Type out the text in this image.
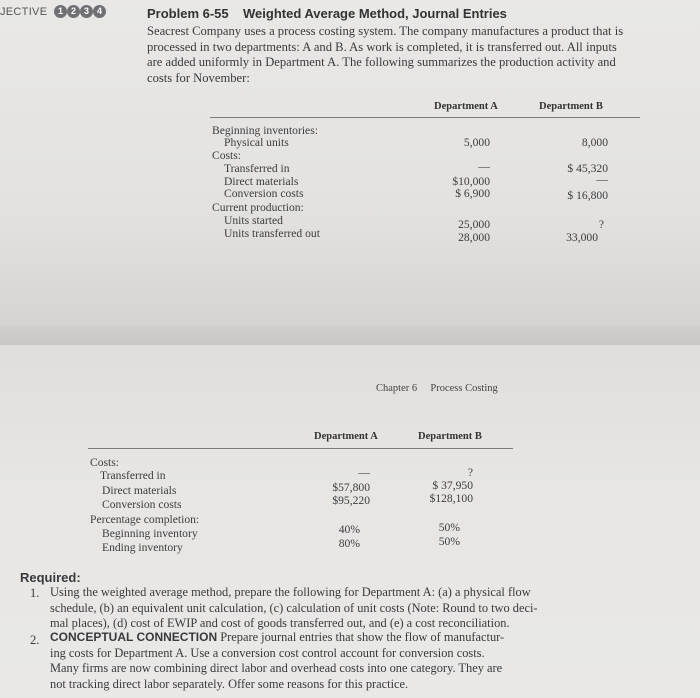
JECTIVE	1 2 3 4	Problem 6-55 Weighted Average Method, Journal Entries
Seacrest Company uses a process costing system. The company manufactures a product that is
processed in two departments: A and B. As work is completed, it is transferred out. All inputs
are added uniformly in Department A. The following summarizes the production activity and
costs for November:
Department A	Department B
Beginning inventories:
Physical units	5,000	8,000
Costs:
Transferred in	—	$ 45,320
Direct materials	$10,000	—
Conversion costs	$ 6,900	$ 16,800
Current production:
Units started	25,000	?
Units transferred out	28,000	33,000
Chapter 6 Process Costing
Department A	Department B
Costs:
Transferred in	—	?
Direct materials	$57,800	$ 37,950
Conversion costs	$95,220	$128,100
Percentage completion:
Beginning inventory	40%	50%
Ending inventory	80%	50%
Required:
1. Using the weighted average method, prepare the following for Department A: (a) a physical flow
schedule, (b) an equivalent unit calculation, (c) calculation of unit costs (Note: Round to two deci-
mal places), (d) cost of EWIP and cost of goods transferred out, and (e) a cost reconciliation.
2. CONCEPTUAL CONNECTION Prepare journal entries that show the flow of manufactur-
ing costs for Department A. Use a conversion cost control account for conversion costs.
Many firms are now combining direct labor and overhead costs into one category. They are
not tracking direct labor separately. Offer some reasons for this practice.
